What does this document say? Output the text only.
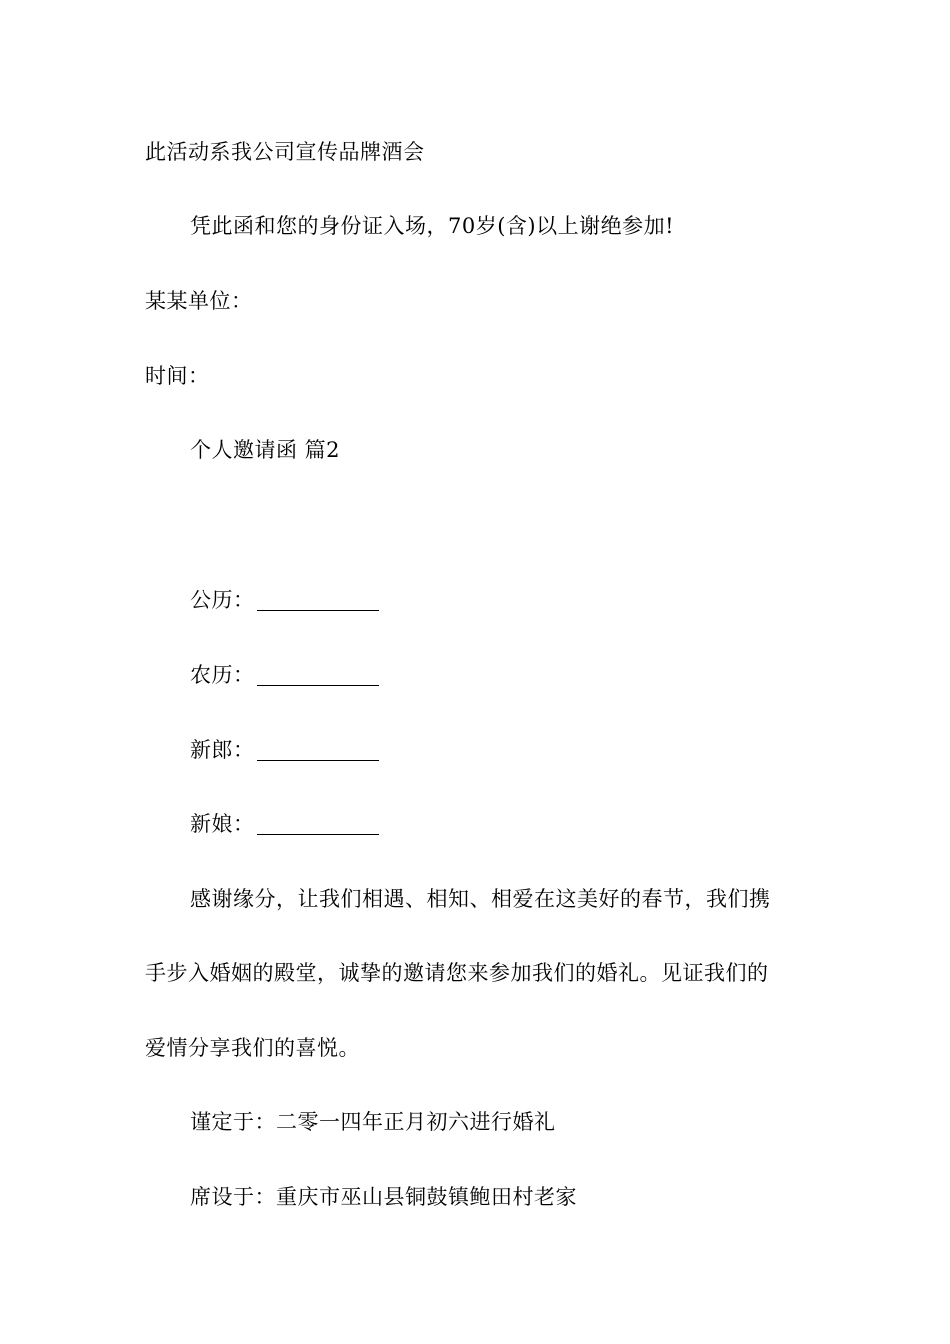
此活动系我公司宣传品牌酒会
凭此函和您的身份证入场，70岁(含)以上谢绝参加!
某某单位：
时间：
个人邀请函 篇2
公历：
农历：
新郎：
新娘：
感谢缘分，让我们相遇、相知、相爱在这美好的春节，我们携
手步入婚姻的殿堂，诚挚的邀请您来参加我们的婚礼。见证我们的
爱情分享我们的喜悦。
谨定于：二零一四年正月初六进行婚礼
席设于：重庆市巫山县铜鼓镇鲍田村老家
